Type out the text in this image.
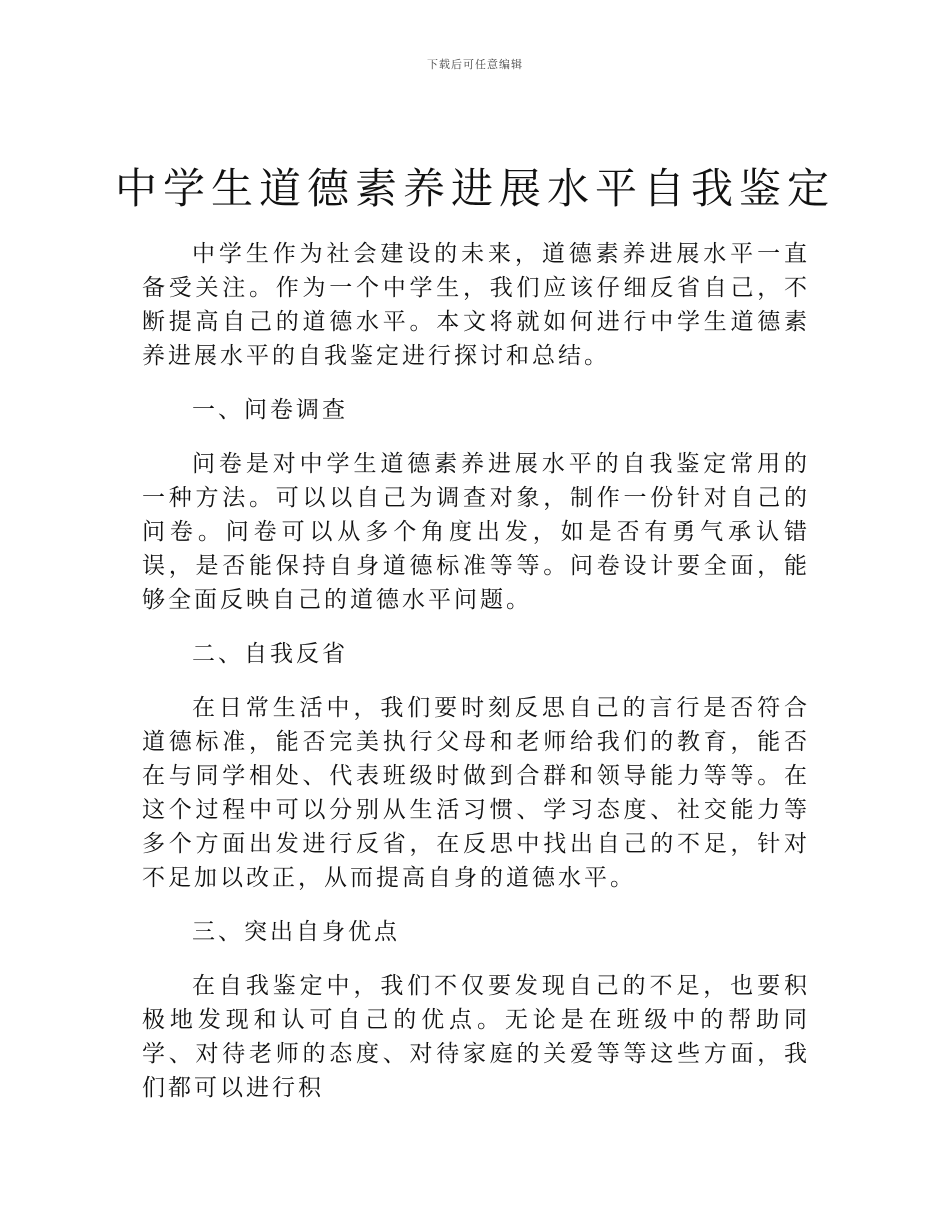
下载后可任意编辑
中学生道德素养进展水平自我鉴定

中学生作为社会建设的未来，道德素养进展水平一直备受关注。作为一个中学生，我们应该仔细反省自己，不断提高自己的道德水平。本文将就如何进行中学生道德素养进展水平的自我鉴定进行探讨和总结。

一、问卷调查

问卷是对中学生道德素养进展水平的自我鉴定常用的一种方法。可以以自己为调查对象，制作一份针对自己的问卷。问卷可以从多个角度出发，如是否有勇气承认错误，是否能保持自身道德标准等等。问卷设计要全面，能够全面反映自己的道德水平问题。

二、自我反省

在日常生活中，我们要时刻反思自己的言行是否符合道德标准，能否完美执行父母和老师给我们的教育，能否在与同学相处、代表班级时做到合群和领导能力等等。在这个过程中可以分别从生活习惯、学习态度、社交能力等多个方面出发进行反省，在反思中找出自己的不足，针对不足加以改正，从而提高自身的道德水平。

三、突出自身优点

在自我鉴定中，我们不仅要发现自己的不足，也要积极地发现和认可自己的优点。无论是在班级中的帮助同学、对待老师的态度、对待家庭的关爱等等这些方面，我们都可以进行积
